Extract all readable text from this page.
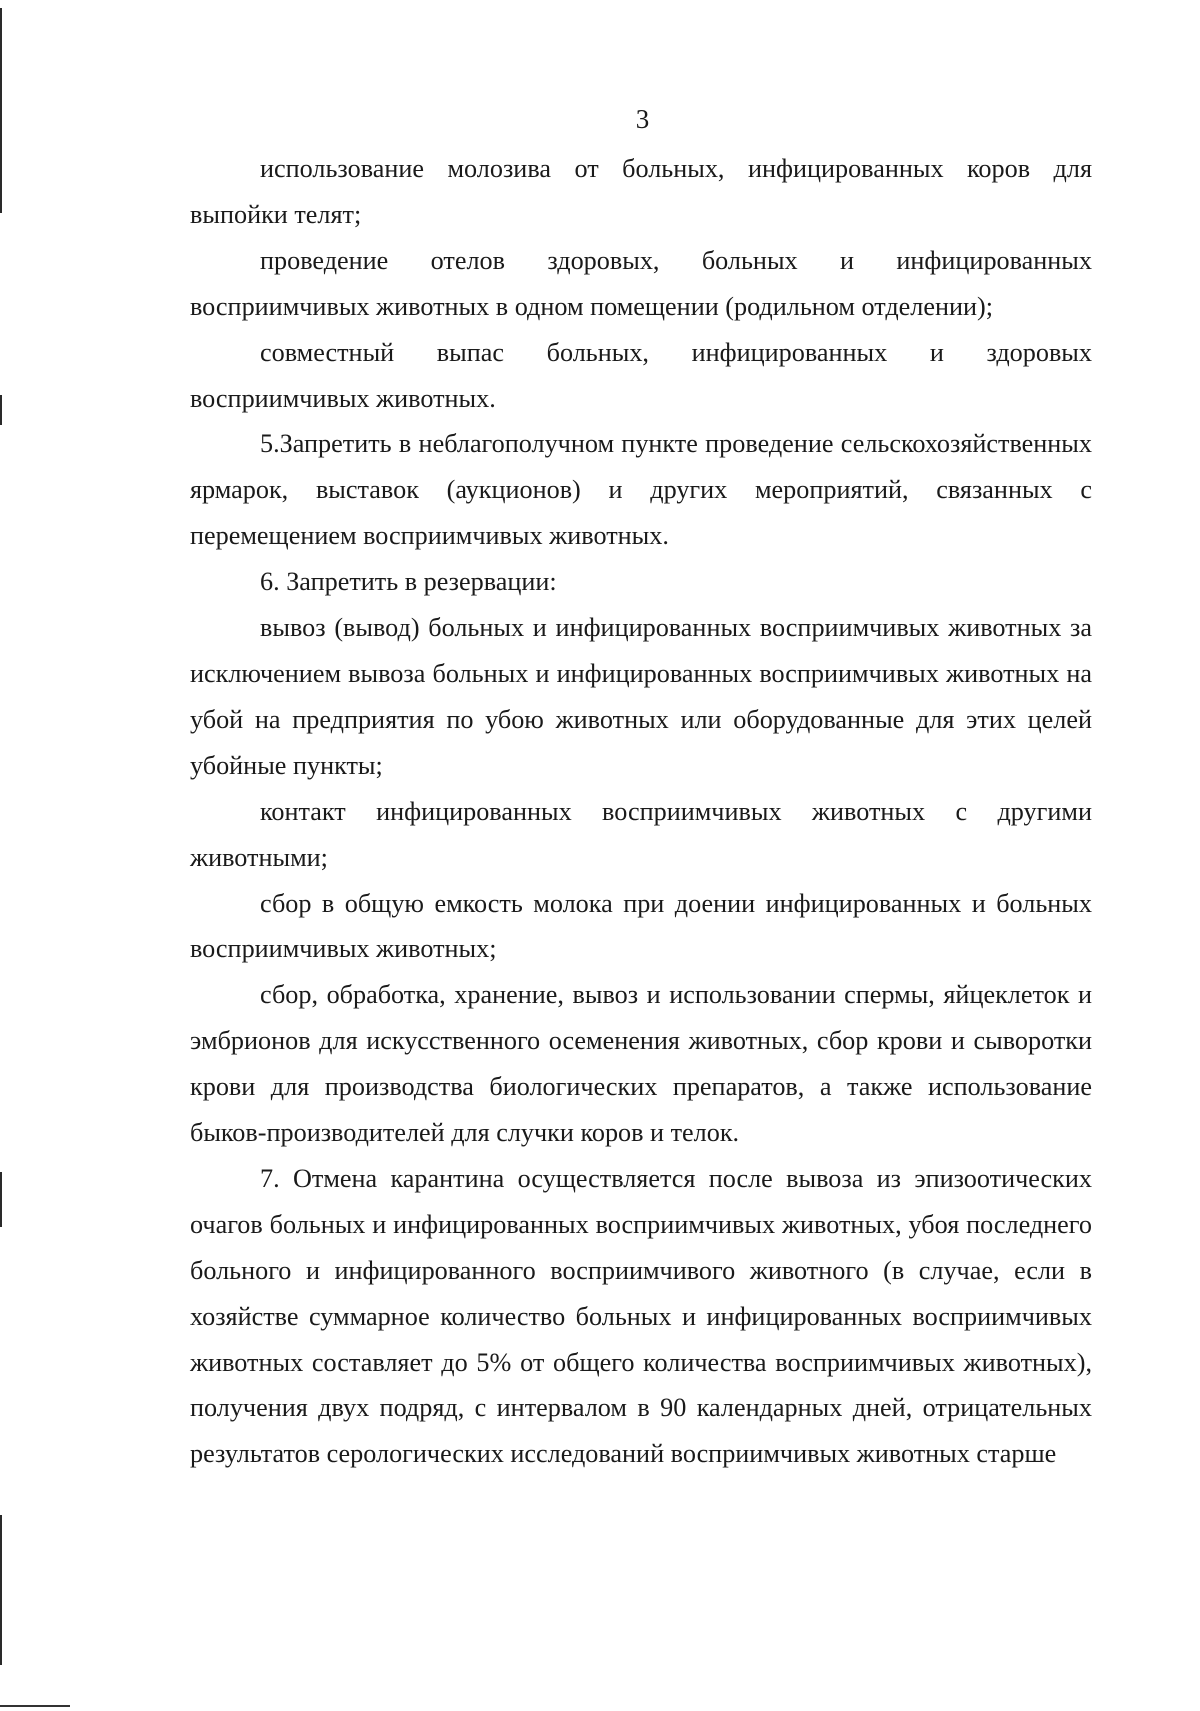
3

использование молозива от больных, инфицированных коров для выпойки телят;

проведение отелов здоровых, больных и инфицированных восприимчивых животных в одном помещении (родильном отделении);

совместный выпас больных, инфицированных и здоровых восприимчивых животных.

5.Запретить в неблагополучном пункте проведение сельскохозяйственных ярмарок, выставок (аукционов) и других мероприятий, связанных с перемещением восприимчивых животных.

6. Запретить в резервации:

вывоз (вывод) больных и инфицированных восприимчивых животных за исключением вывоза больных и инфицированных восприимчивых животных на убой на предприятия по убою животных или оборудованные для этих целей убойные пункты;

контакт инфицированных восприимчивых животных с другими животными;

сбор в общую емкость молока при доении инфицированных и больных восприимчивых животных;

сбор, обработка, хранение, вывоз и использовании спермы, яйцеклеток и эмбрионов для искусственного осеменения животных, сбор крови и сыворотки крови для производства биологических препаратов, а также использование быков-производителей для случки коров и телок.

7. Отмена карантина осуществляется после вывоза из эпизоотических очагов больных и инфицированных восприимчивых животных, убоя последнего больного и инфицированного восприимчивого животного (в случае, если в хозяйстве суммарное количество больных и инфицированных восприимчивых животных составляет до 5% от общего количества восприимчивых животных), получения двух подряд, с интервалом в 90 календарных дней, отрицательных результатов серологических исследований восприимчивых животных старше
